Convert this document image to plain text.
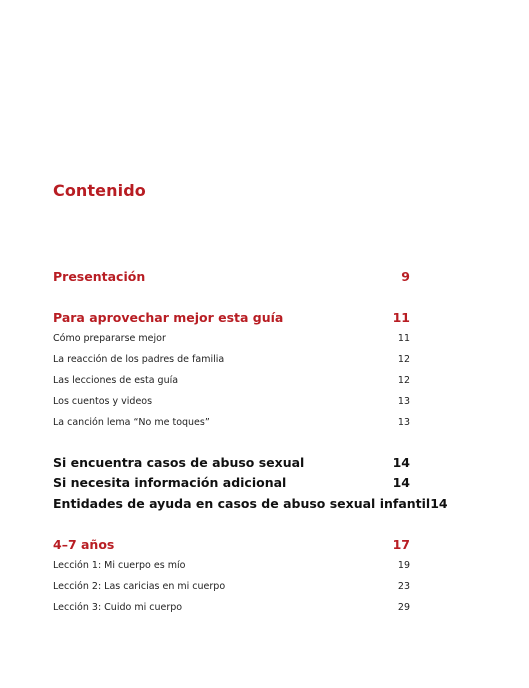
Contenido
Presentación	9
Para aprovechar mejor esta guía	11
Cómo prepararse mejor	11
La reacción de los padres de familia	12
Las lecciones de esta guía	12
Los cuentos y videos	13
La canción lema “No me toques”	13
Si encuentra casos de abuso sexual	14
Si necesita información adicional	14
Entidades de ayuda en casos de abuso sexual infantil 14
4–7 años	17
Lección 1: Mi cuerpo es mío	19
Lección 2: Las caricias en mi cuerpo	23
Lección 3: Cuido mi cuerpo	29
